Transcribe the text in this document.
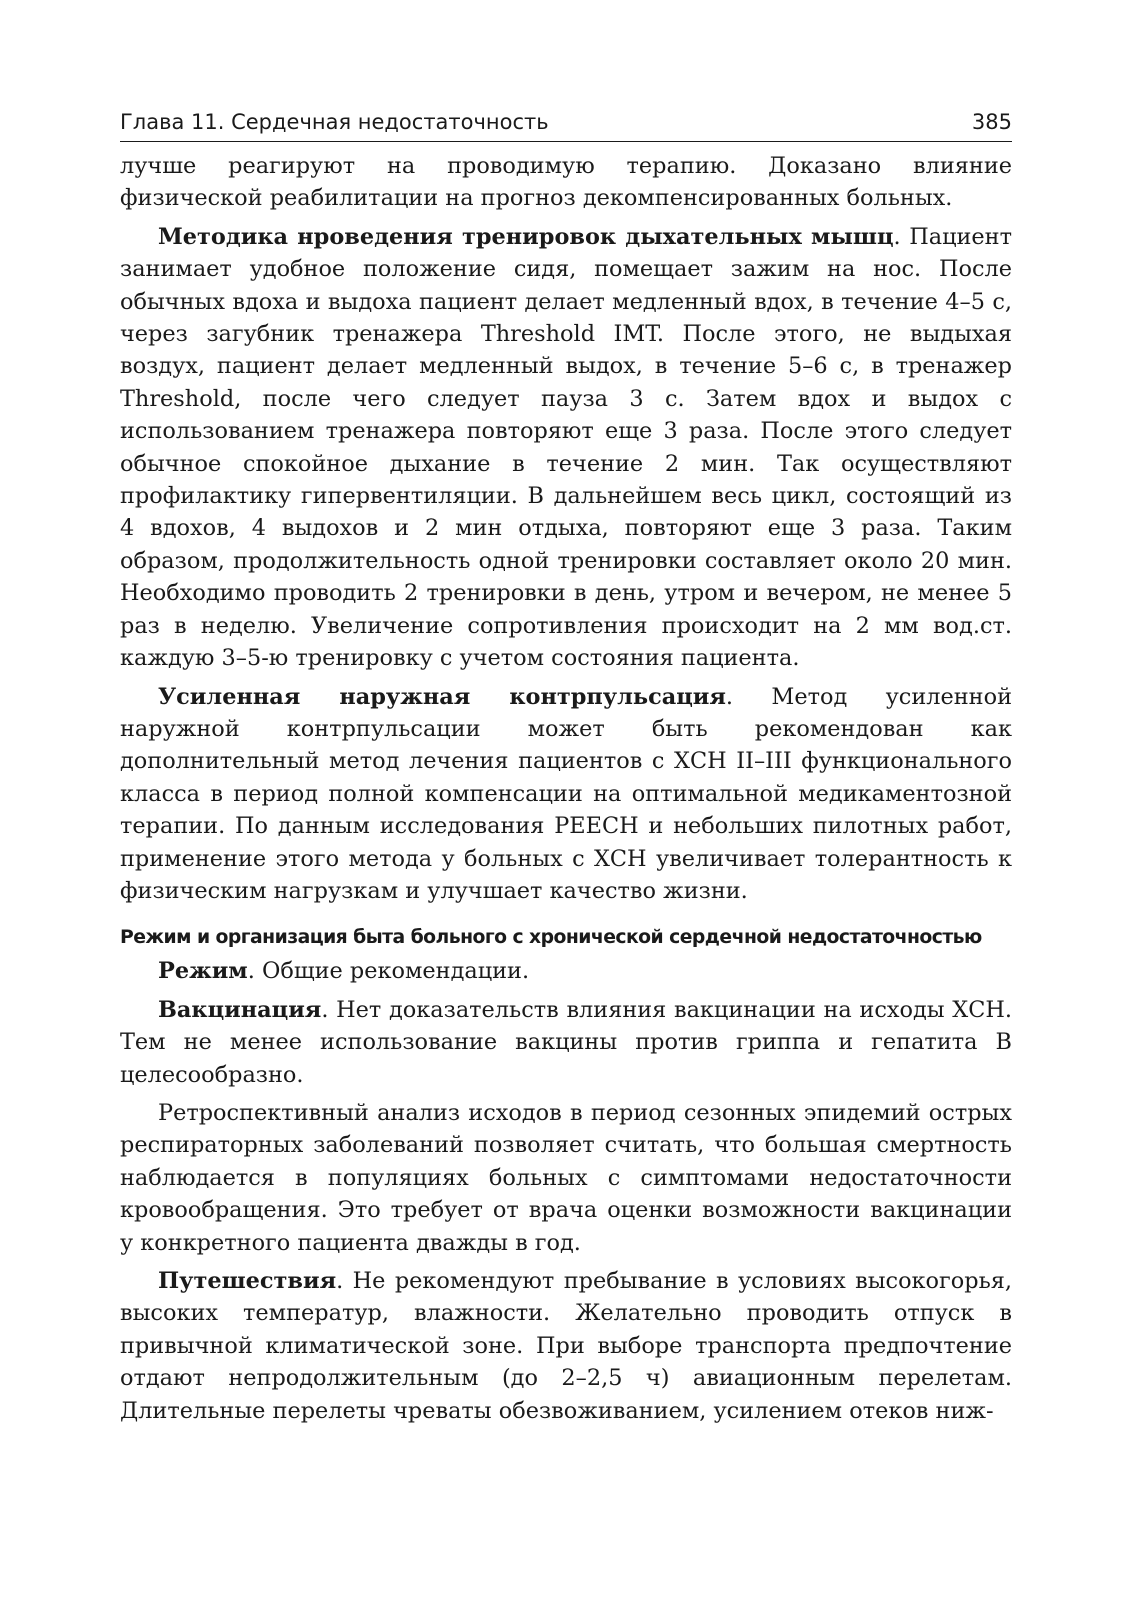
Глава 11. Сердечная недостаточность	385

лучше реагируют на проводимую терапию. Доказано влияние физической реабилитации на прогноз декомпенсированных больных.

Методика нроведения тренировок дыхательных мышц. Пациент занимает удобное положение сидя, помещает зажим на нос. После обычных вдоха и выдоха пациент делает медленный вдох, в течение 4–5 с, через загубник тренажера Threshold IMT. После этого, не выдыхая воздух, пациент делает медленный выдох, в течение 5–6 с, в тренажер Threshold, после чего следует пауза 3 с. Затем вдох и выдох с использованием тренажера повторяют еще 3 раза. После этого следует обычное спокойное дыхание в течение 2 мин. Так осуществляют профилактику гипервентиляции. В дальнейшем весь цикл, состоящий из 4 вдохов, 4 выдохов и 2 мин отдыха, повторяют еще 3 раза. Таким образом, продолжительность одной тренировки составляет около 20 мин. Необходимо проводить 2 тренировки в день, утром и вечером, не менее 5 раз в неделю. Увеличение сопротивления происходит на 2 мм вод.ст. каждую 3–5-ю тренировку с учетом состояния пациента.

Усиленная наружная контрпульсация. Метод усиленной наружной контрпульсации может быть рекомендован как дополнительный метод лечения пациентов с ХСН II–III функционального класса в период полной компенсации на оптимальной медикаментозной терапии. По данным исследования PEECH и небольших пилотных работ, применение этого метода у больных с ХСН увеличивает толерантность к физическим нагрузкам и улучшает качество жизни.

Режим и организация быта больного с хронической сердечной недостаточностью

Режим. Общие рекомендации.

Вакцинация. Нет доказательств влияния вакцинации на исходы ХСН. Тем не менее использование вакцины против гриппа и гепатита В целесообразно.

Ретроспективный анализ исходов в период сезонных эпидемий острых респираторных заболеваний позволяет считать, что большая смертность наблюдается в популяциях больных с симптомами недостаточности кровообращения. Это требует от врача оценки возможности вакцинации у конкретного пациента дважды в год.

Путешествия. Не рекомендуют пребывание в условиях высокогорья, высоких температур, влажности. Желательно проводить отпуск в привычной климатической зоне. При выборе транспорта предпочтение отдают непродолжительным (до 2–2,5 ч) авиационным перелетам. Длительные перелеты чреваты обезвоживанием, усилением отеков ниж-
